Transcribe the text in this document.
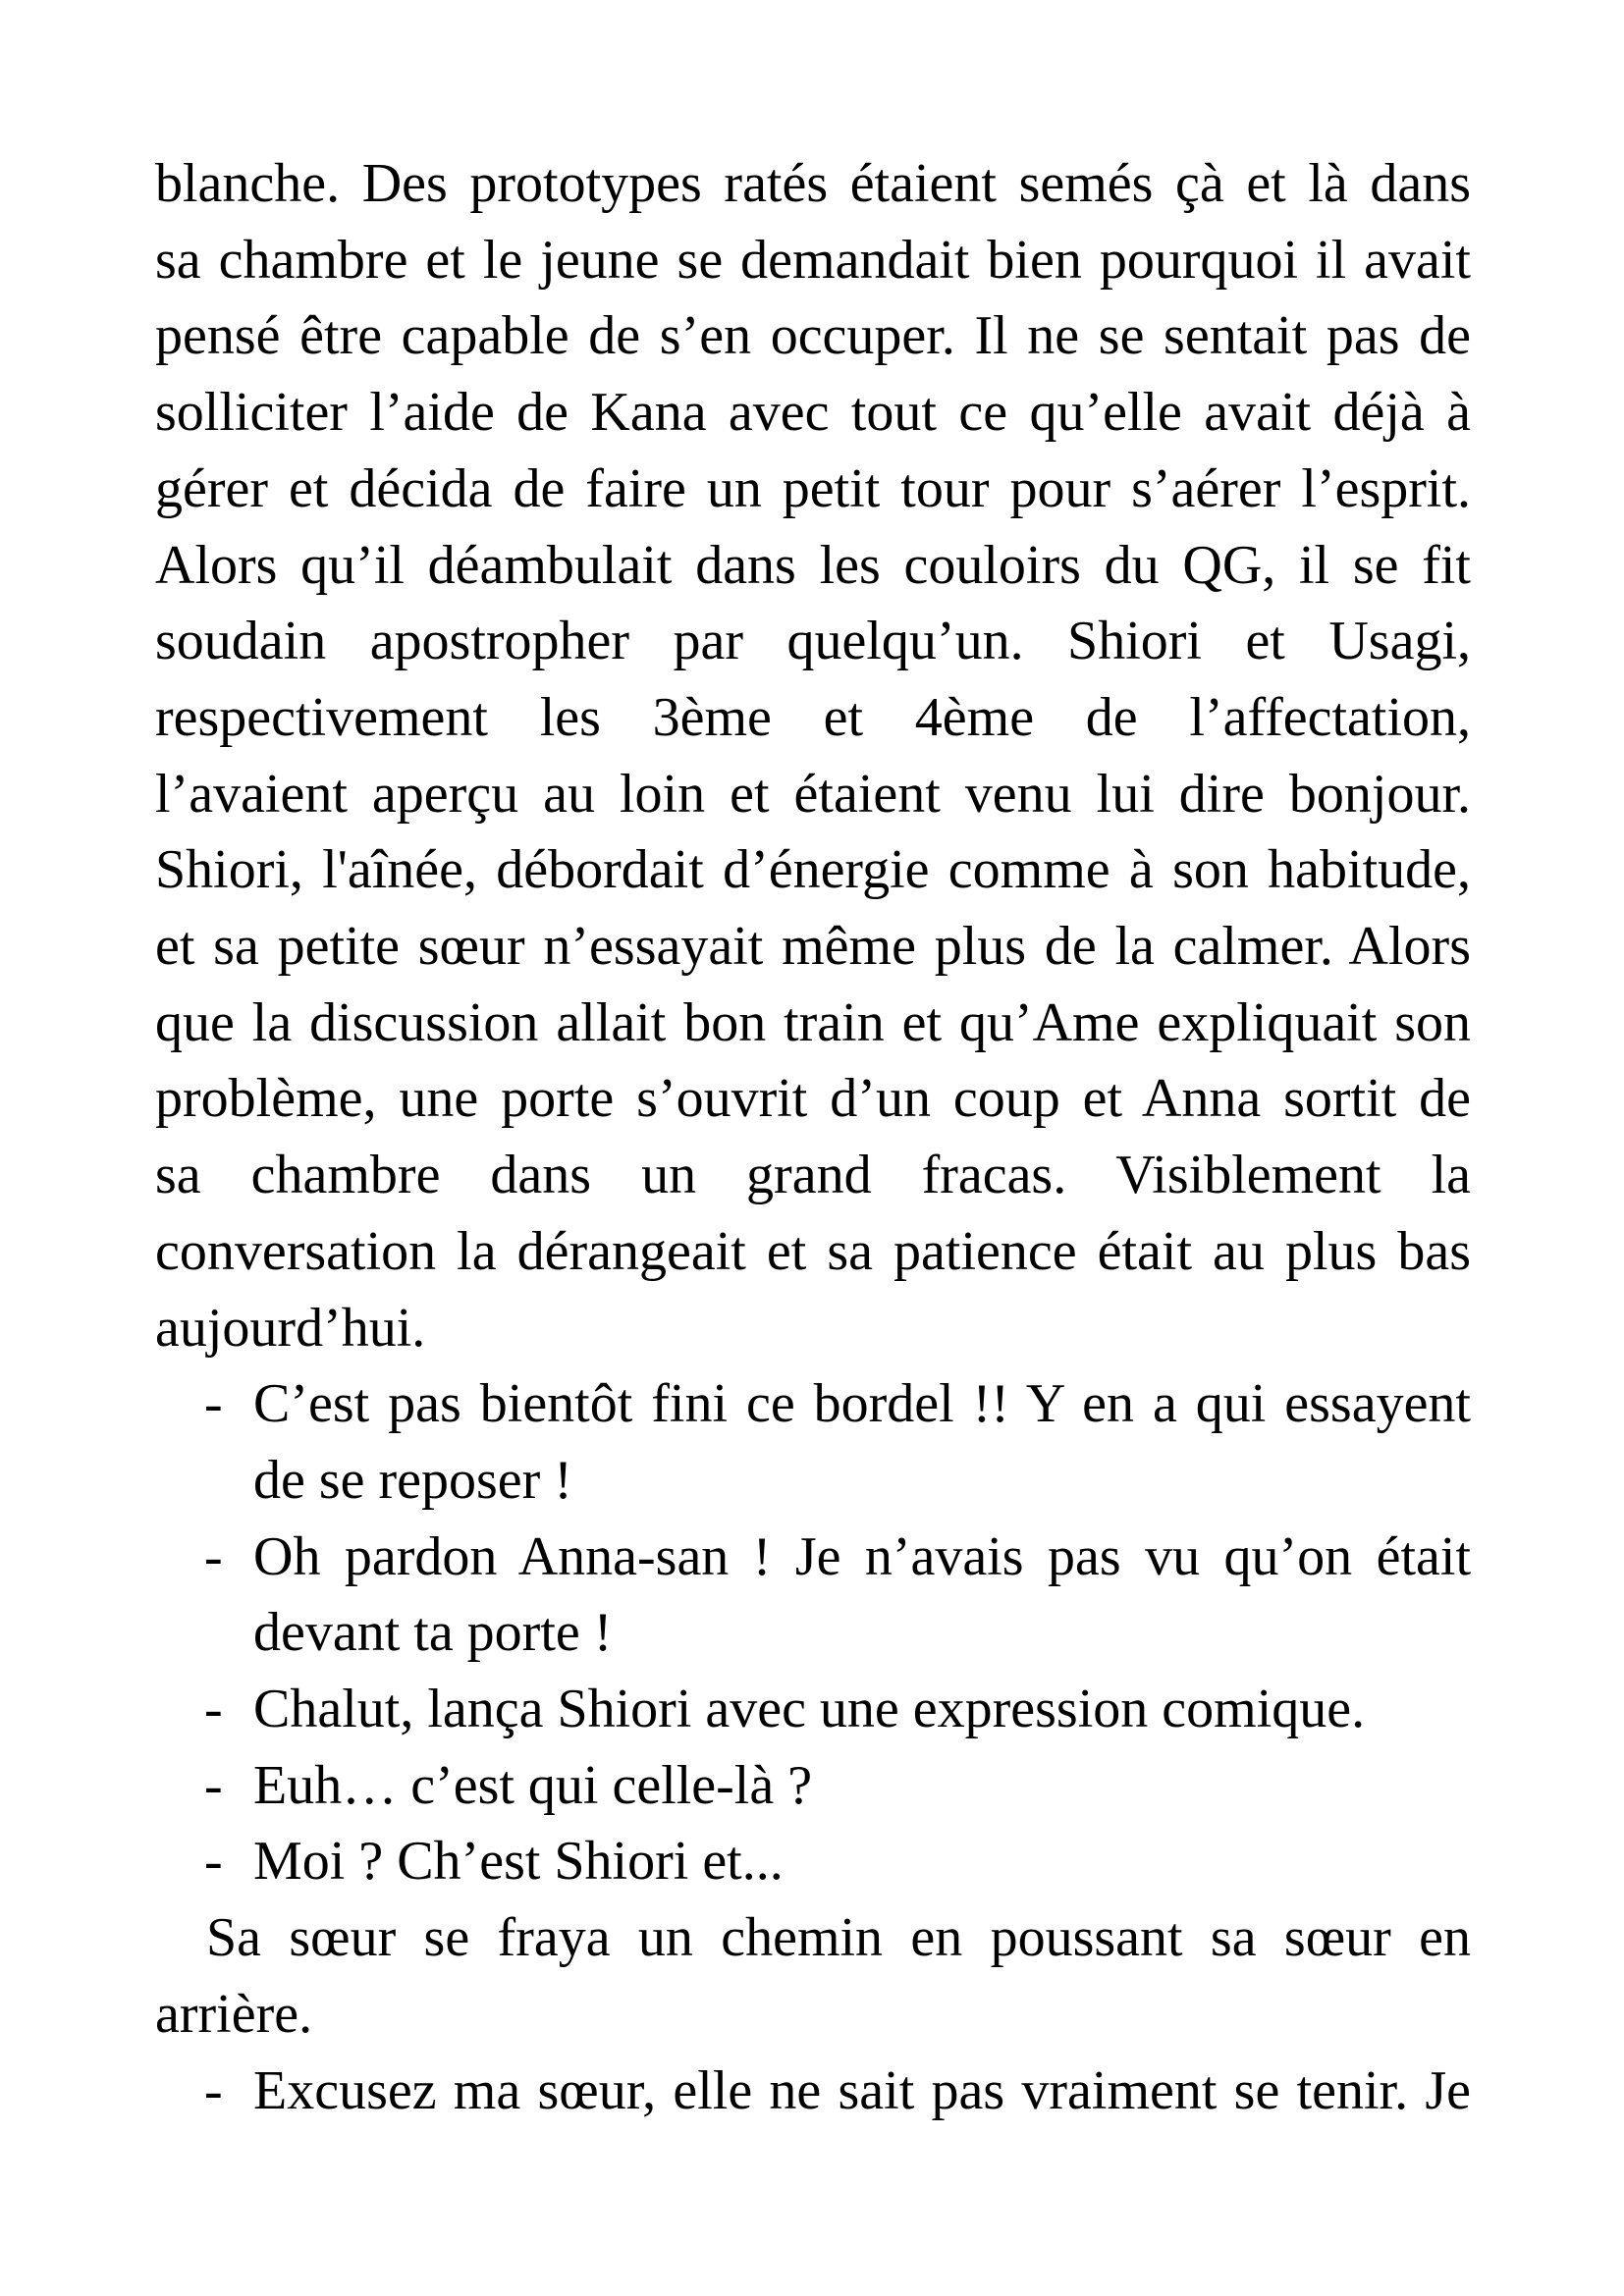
blanche. Des prototypes ratés étaient semés çà et là dans
sa chambre et le jeune se demandait bien pourquoi il avait
pensé être capable de s’en occuper. Il ne se sentait pas de
solliciter l’aide de Kana avec tout ce qu’elle avait déjà à
gérer et décida de faire un petit tour pour s’aérer l’esprit.
Alors qu’il déambulait dans les couloirs du QG, il se fit
soudain apostropher par quelqu’un. Shiori et Usagi,
respectivement les 3ème et 4ème de l’affectation,
l’avaient aperçu au loin et étaient venu lui dire bonjour.
Shiori, l'aînée, débordait d’énergie comme à son habitude,
et sa petite sœur n’essayait même plus de la calmer. Alors
que la discussion allait bon train et qu’Ame expliquait son
problème, une porte s’ouvrit d’un coup et Anna sortit de
sa chambre dans un grand fracas. Visiblement la
conversation la dérangeait et sa patience était au plus bas
aujourd’hui.
- C’est pas bientôt fini ce bordel !! Y en a qui essayent
de se reposer !
- Oh pardon Anna-san ! Je n’avais pas vu qu’on était
devant ta porte !
- Chalut, lança Shiori avec une expression comique.
- Euh… c’est qui celle-là ?
- Moi ? Ch’est Shiori et...
Sa sœur se fraya un chemin en poussant sa sœur en
arrière.
- Excusez ma sœur, elle ne sait pas vraiment se tenir. Je
